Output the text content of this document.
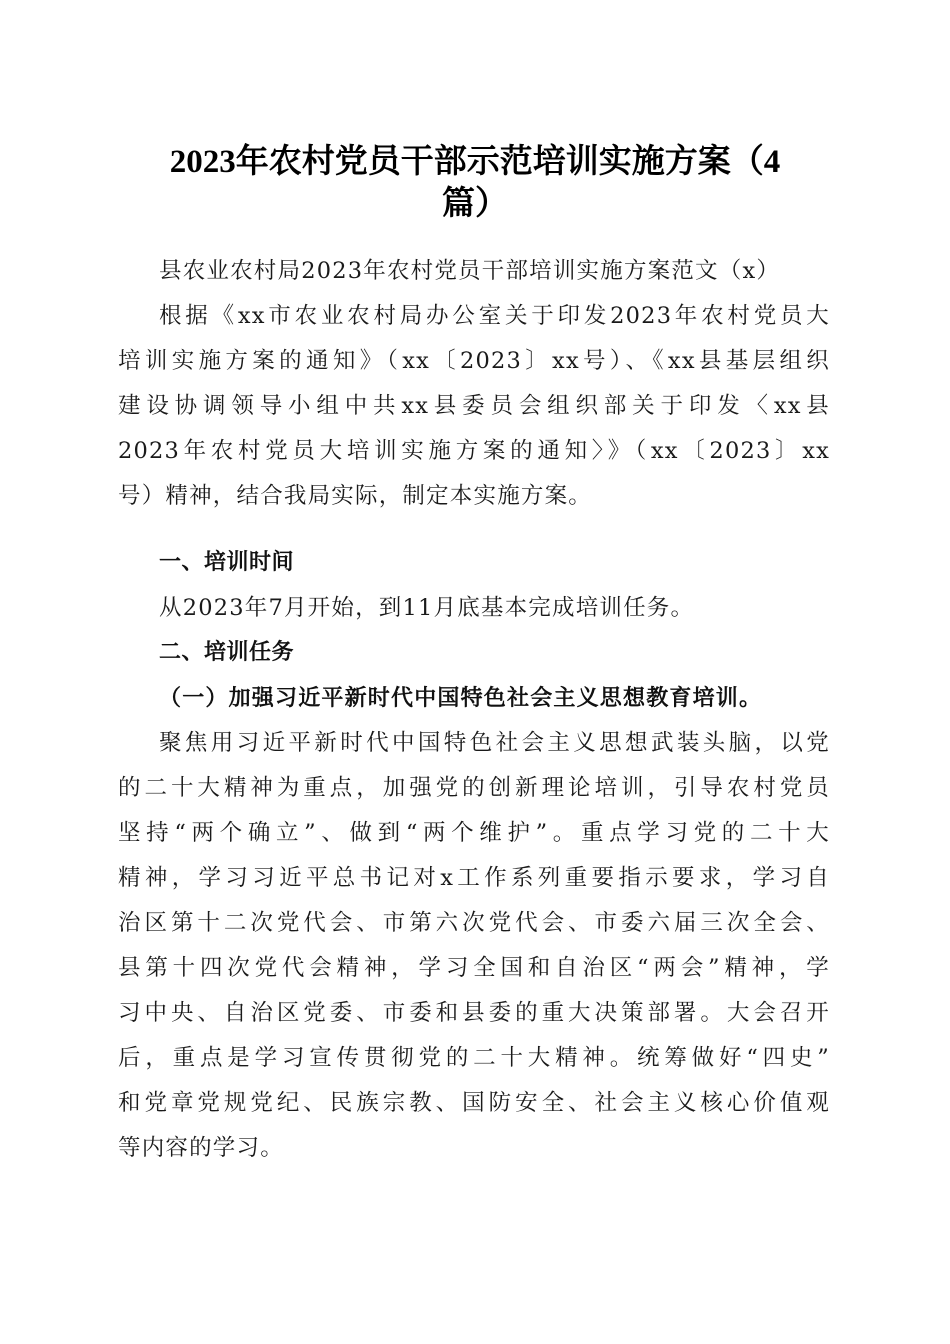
2023年农村党员干部示范培训实施方案（4
篇）
县农业农村局2023年农村党员干部培训实施方案范文（x）
根据《xx市农业农村局办公室关于印发2023年农村党员大
培训实施方案的通知》（xx〔2023〕xx号）、《xx县基层组织
建设协调领导小组中共xx县委员会组织部关于印发〈xx县
2023年农村党员大培训实施方案的通知〉》（xx〔2023〕xx
号）精神，结合我局实际，制定本实施方案。
一、培训时间
从2023年7月开始，到11月底基本完成培训任务。
二、培训任务
（一）加强习近平新时代中国特色社会主义思想教育培训。
聚焦用习近平新时代中国特色社会主义思想武装头脑，以党
的二十大精神为重点，加强党的创新理论培训，引导农村党员
坚持“两个确立”、做到“两个维护”。重点学习党的二十大
精神，学习习近平总书记对x工作系列重要指示要求，学习自
治区第十二次党代会、市第六次党代会、市委六届三次全会、
县第十四次党代会精神，学习全国和自治区“两会”精神，学
习中央、自治区党委、市委和县委的重大决策部署。大会召开
后，重点是学习宣传贯彻党的二十大精神。统筹做好“四史”
和党章党规党纪、民族宗教、国防安全、社会主义核心价值观
等内容的学习。
